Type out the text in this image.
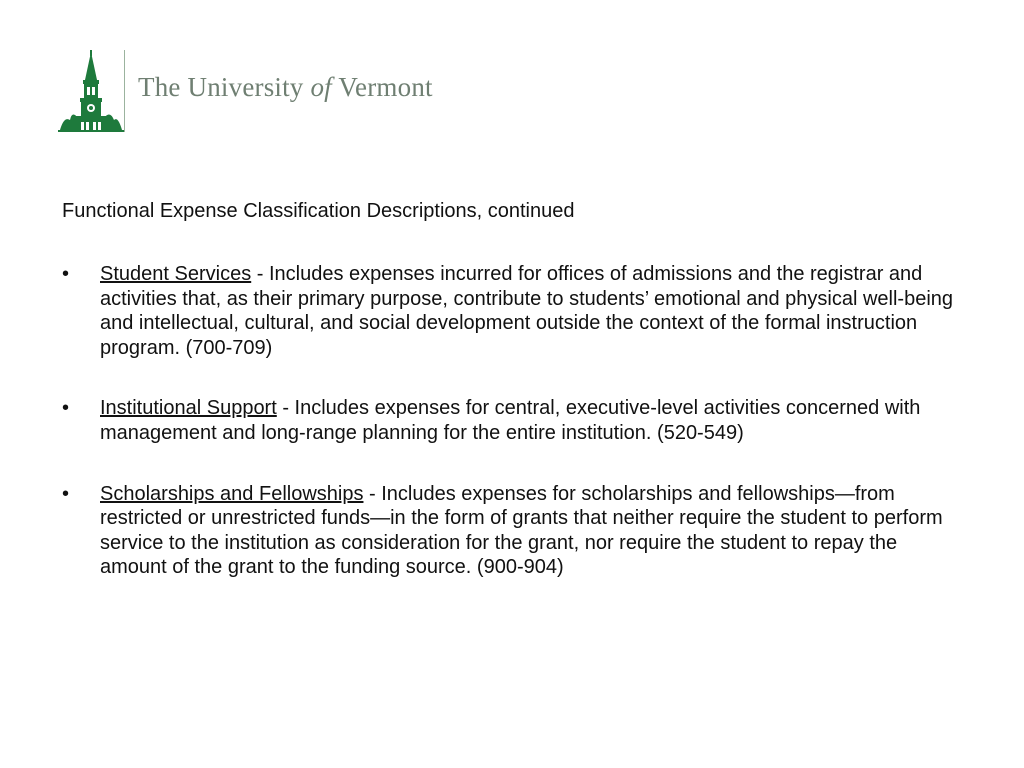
The University of Vermont

Functional Expense Classification Descriptions, continued

• Student Services - Includes expenses incurred for offices of admissions and the registrar and activities that, as their primary purpose, contribute to students’ emotional and physical well-being and intellectual, cultural, and social development outside the context of the formal instruction program. (700-709)
• Institutional Support - Includes expenses for central, executive-level activities concerned with management and long-range planning for the entire institution. (520-549)
• Scholarships and Fellowships - Includes expenses for scholarships and fellowships—from restricted or unrestricted funds—in the form of grants that neither require the student to perform service to the institution as consideration for the grant, nor require the student to repay the amount of the grant to the funding source. (900-904)
